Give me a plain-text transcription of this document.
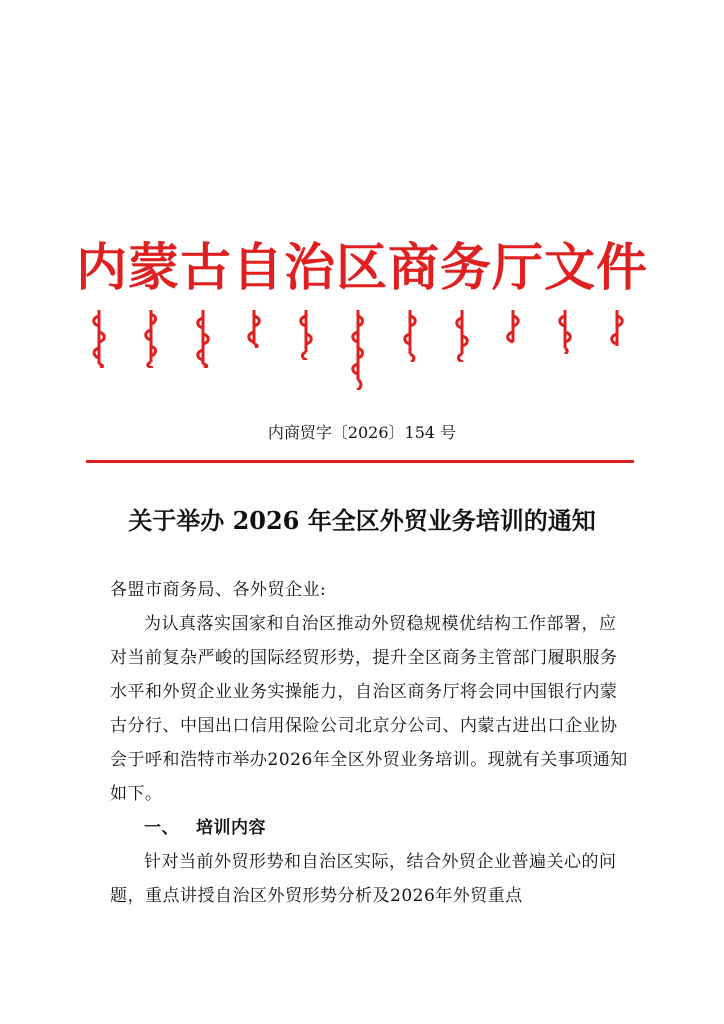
内蒙古自治区商务厅文件
内商贸字〔2026〕154 号
关于举办 2026 年全区外贸业务培训的通知

各盟市商务局、各外贸企业:

为认真落实国家和自治区推动外贸稳规模优结构工作部署，应对当前复杂严峻的国际经贸形势，提升全区商务主管部门履职服务水平和外贸企业业务实操能力，自治区商务厅将会同中国银行内蒙古分行、中国出口信用保险公司北京分公司、内蒙古进出口企业协会于呼和浩特市举办2026年全区外贸业务培训。现就有关事项通知如下。

一、 培训内容

针对当前外贸形势和自治区实际，结合外贸企业普遍关心的问题，重点讲授自治区外贸形势分析及2026年外贸重点
